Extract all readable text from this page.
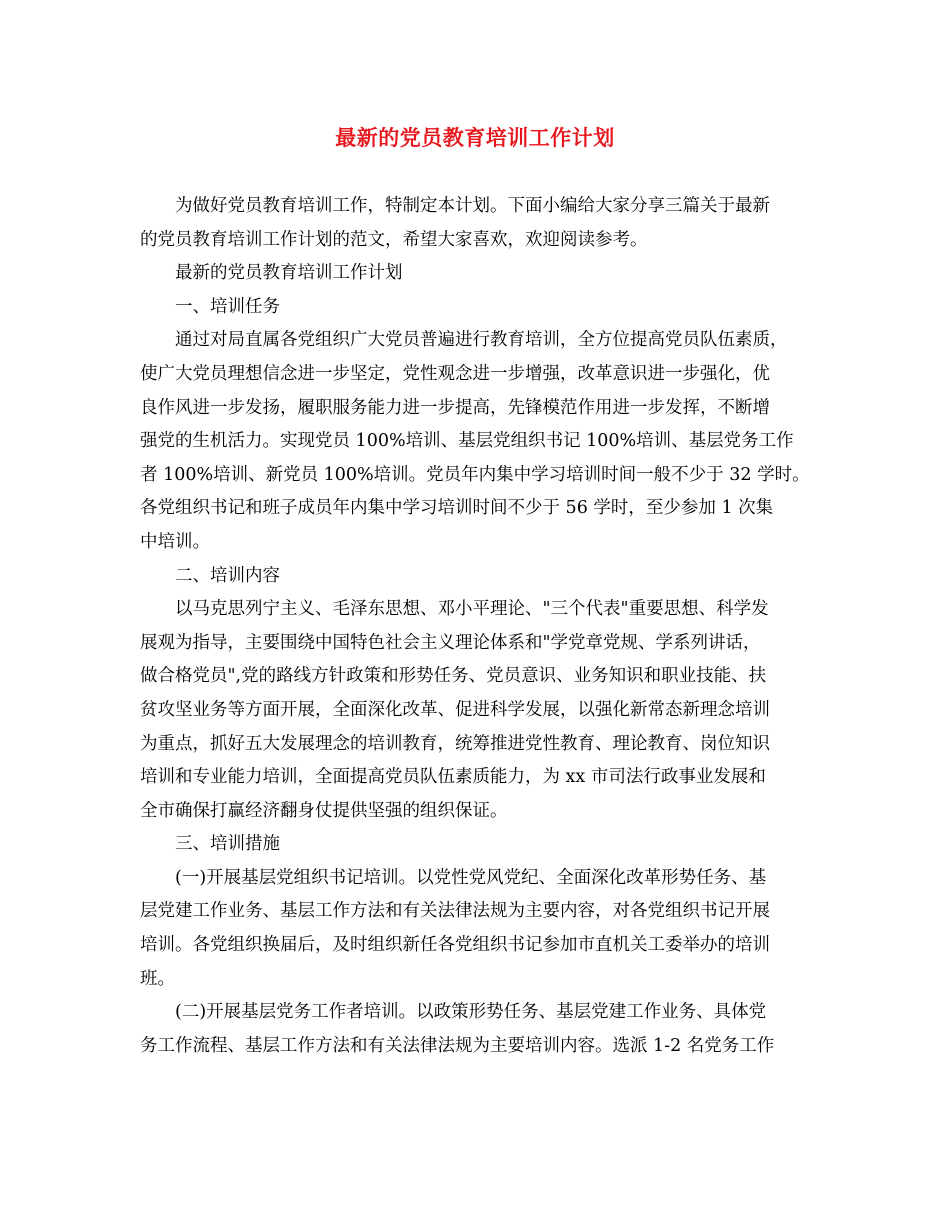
最新的党员教育培训工作计划
为做好党员教育培训工作，特制定本计划。下面小编给大家分享三篇关于最新
的党员教育培训工作计划的范文，希望大家喜欢，欢迎阅读参考。
最新的党员教育培训工作计划
一、培训任务
通过对局直属各党组织广大党员普遍进行教育培训，全方位提高党员队伍素质，
使广大党员理想信念进一步坚定，党性观念进一步增强，改革意识进一步强化，优
良作风进一步发扬，履职服务能力进一步提高，先锋模范作用进一步发挥，不断增
强党的生机活力。实现党员 100%培训、基层党组织书记 100%培训、基层党务工作
者 100%培训、新党员 100%培训。党员年内集中学习培训时间一般不少于 32 学时。
各党组织书记和班子成员年内集中学习培训时间不少于 56 学时，至少参加 1 次集
中培训。
二、培训内容
以马克思列宁主义、毛泽东思想、邓小平理论、"三个代表"重要思想、科学发
展观为指导，主要围绕中国特色社会主义理论体系和"学党章党规、学系列讲话，
做合格党员",党的路线方针政策和形势任务、党员意识、业务知识和职业技能、扶
贫攻坚业务等方面开展，全面深化改革、促进科学发展，以强化新常态新理念培训
为重点，抓好五大发展理念的培训教育，统筹推进党性教育、理论教育、岗位知识
培训和专业能力培训，全面提高党员队伍素质能力，为 xx 市司法行政事业发展和
全市确保打赢经济翻身仗提供坚强的组织保证。
三、培训措施
(一)开展基层党组织书记培训。以党性党风党纪、全面深化改革形势任务、基
层党建工作业务、基层工作方法和有关法律法规为主要内容，对各党组织书记开展
培训。各党组织换届后，及时组织新任各党组织书记参加市直机关工委举办的培训
班。
(二)开展基层党务工作者培训。以政策形势任务、基层党建工作业务、具体党
务工作流程、基层工作方法和有关法律法规为主要培训内容。选派 1-2 名党务工作
